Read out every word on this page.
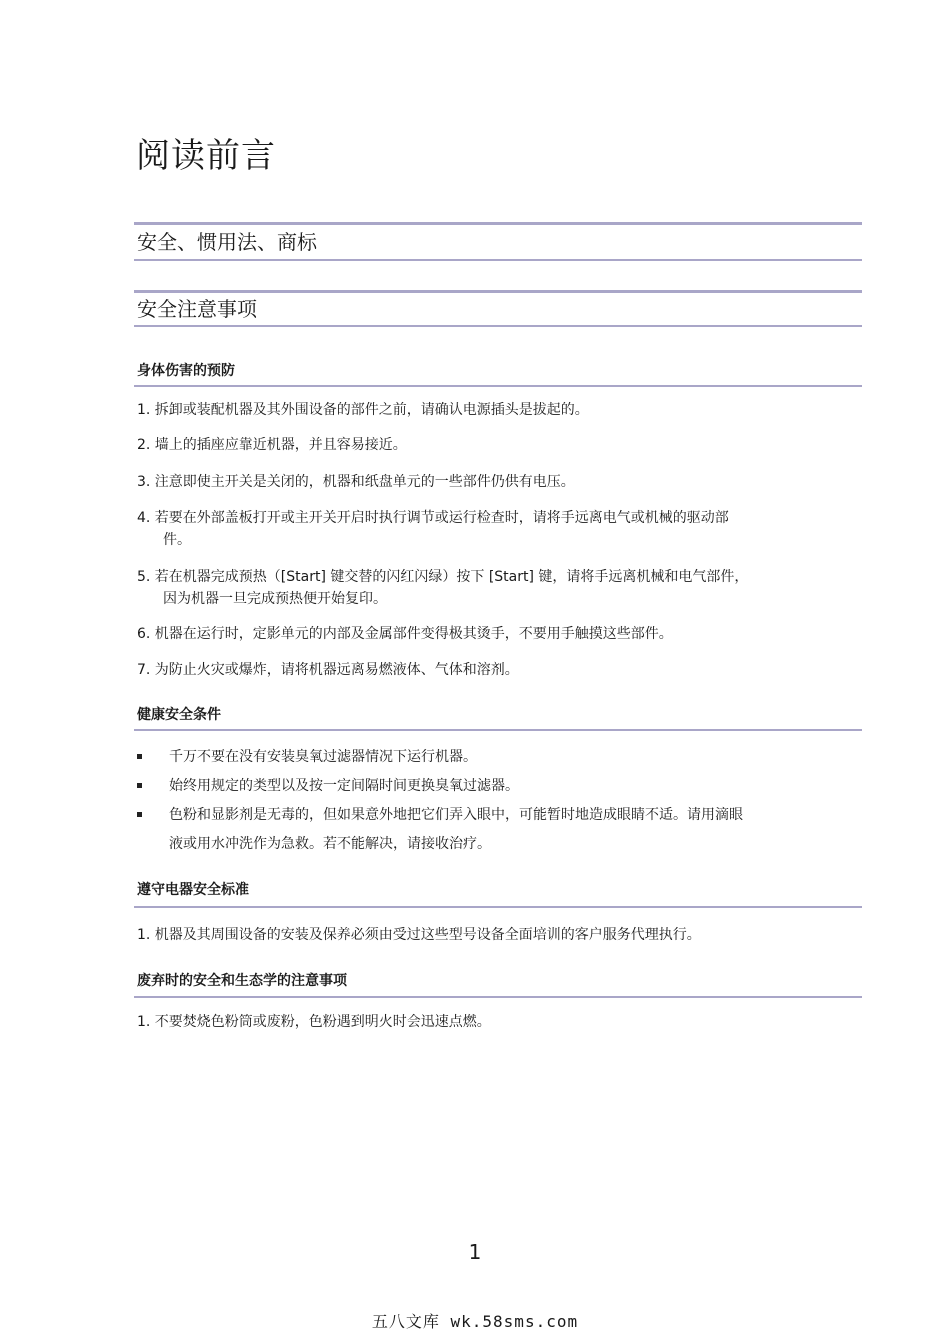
阅读前言
安全、惯用法、商标
安全注意事项
身体伤害的预防
1. 拆卸或装配机器及其外围设备的部件之前，请确认电源插头是拔起的。
2. 墙上的插座应靠近机器，并且容易接近。
3. 注意即使主开关是关闭的，机器和纸盘单元的一些部件仍供有电压。
4. 若要在外部盖板打开或主开关开启时执行调节或运行检查时，请将手远离电气或机械的驱动部
件。
5. 若在机器完成预热（[Start] 键交替的闪红闪绿）按下 [Start] 键，请将手远离机械和电气部件，
因为机器一旦完成预热便开始复印。
6. 机器在运行时，定影单元的内部及金属部件变得极其烫手，不要用手触摸这些部件。
7. 为防止火灾或爆炸，请将机器远离易燃液体、气体和溶剂。
健康安全条件
千万不要在没有安装臭氧过滤器情况下运行机器。
始终用规定的类型以及按一定间隔时间更换臭氧过滤器。
色粉和显影剂是无毒的，但如果意外地把它们弄入眼中，可能暂时地造成眼睛不适。请用滴眼
液或用水冲洗作为急救。若不能解决，请接收治疗。
遵守电器安全标准
1. 机器及其周围设备的安装及保养必须由受过这些型号设备全面培训的客户服务代理执行。
废弃时的安全和生态学的注意事项
1. 不要焚烧色粉筒或废粉，色粉遇到明火时会迅速点燃。
1
五八文库 wk.58sms.com
